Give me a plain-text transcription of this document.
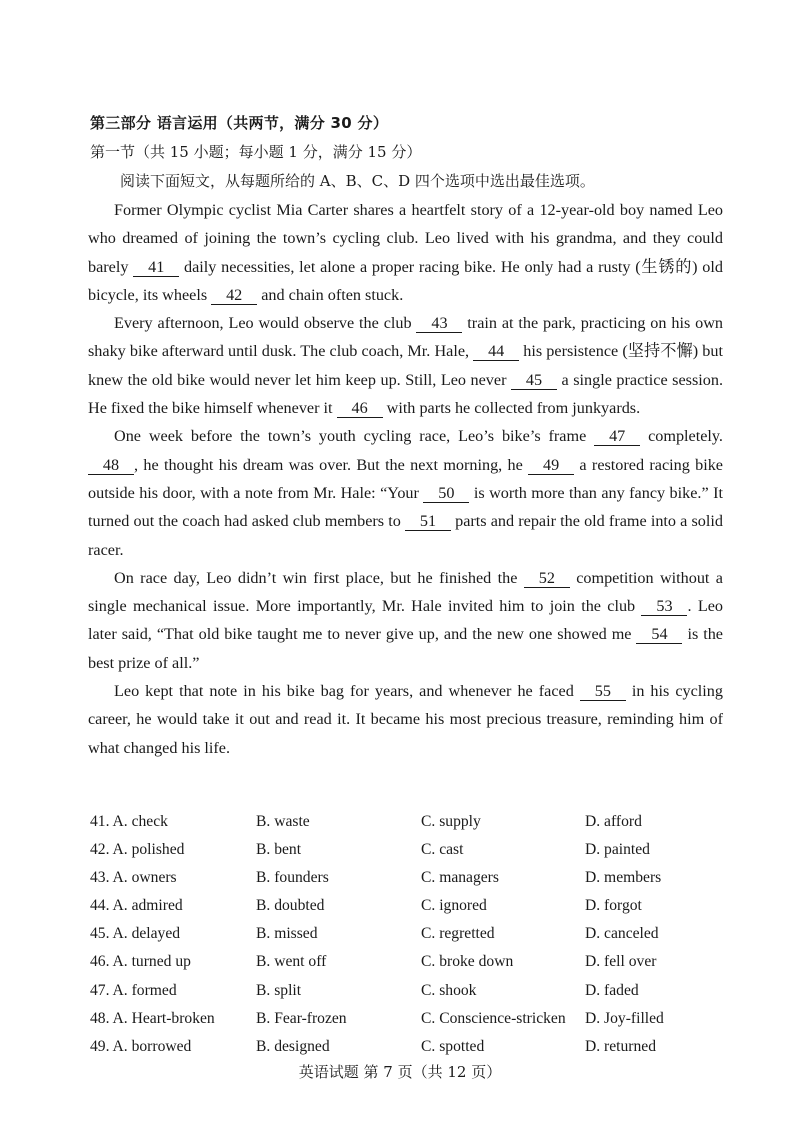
第三部分 语言运用（共两节，满分 30 分）
第一节（共 15 小题；每小题 1 分，满分 15 分）
阅读下面短文，从每题所给的 A、B、C、D 四个选项中选出最佳选项。

Former Olympic cyclist Mia Carter shares a heartfelt story of a 12-year-old boy named Leo who dreamed of joining the town’s cycling club. Leo lived with his grandma, and they could barely 41 daily necessities, let alone a proper racing bike. He only had a rusty (生锈的) old bicycle, its wheels 42 and chain often stuck.

Every afternoon, Leo would observe the club 43 train at the park, practicing on his own shaky bike afterward until dusk. The club coach, Mr. Hale, 44 his persistence (坚持不懈) but knew the old bike would never let him keep up. Still, Leo never 45 a single practice session. He fixed the bike himself whenever it 46 with parts he collected from junkyards.

One week before the town’s youth cycling race, Leo’s bike’s frame 47 completely. 48 , he thought his dream was over. But the next morning, he 49 a restored racing bike outside his door, with a note from Mr. Hale: “Your 50 is worth more than any fancy bike.” It turned out the coach had asked club members to 51 parts and repair the old frame into a solid racer.

On race day, Leo didn’t win first place, but he finished the 52 competition without a single mechanical issue. More importantly, Mr. Hale invited him to join the club 53 . Leo later said, “That old bike taught me to never give up, and the new one showed me 54 is the best prize of all.”

Leo kept that note in his bike bag for years, and whenever he faced 55 in his cycling career, he would take it out and read it. It became his most precious treasure, reminding him of what changed his life.

41. A. check	B. waste	C. supply	D. afford
42. A. polished	B. bent	C. cast	D. painted
43. A. owners	B. founders	C. managers	D. members
44. A. admired	B. doubted	C. ignored	D. forgot
45. A. delayed	B. missed	C. regretted	D. canceled
46. A. turned up	B. went off	C. broke down	D. fell over
47. A. formed	B. split	C. shook	D. faded
48. A. Heart-broken	B. Fear-frozen	C. Conscience-stricken D. Joy-filled
49. A. borrowed	B. designed	C. spotted	D. returned
英语试题 第 7 页（共 12 页）
